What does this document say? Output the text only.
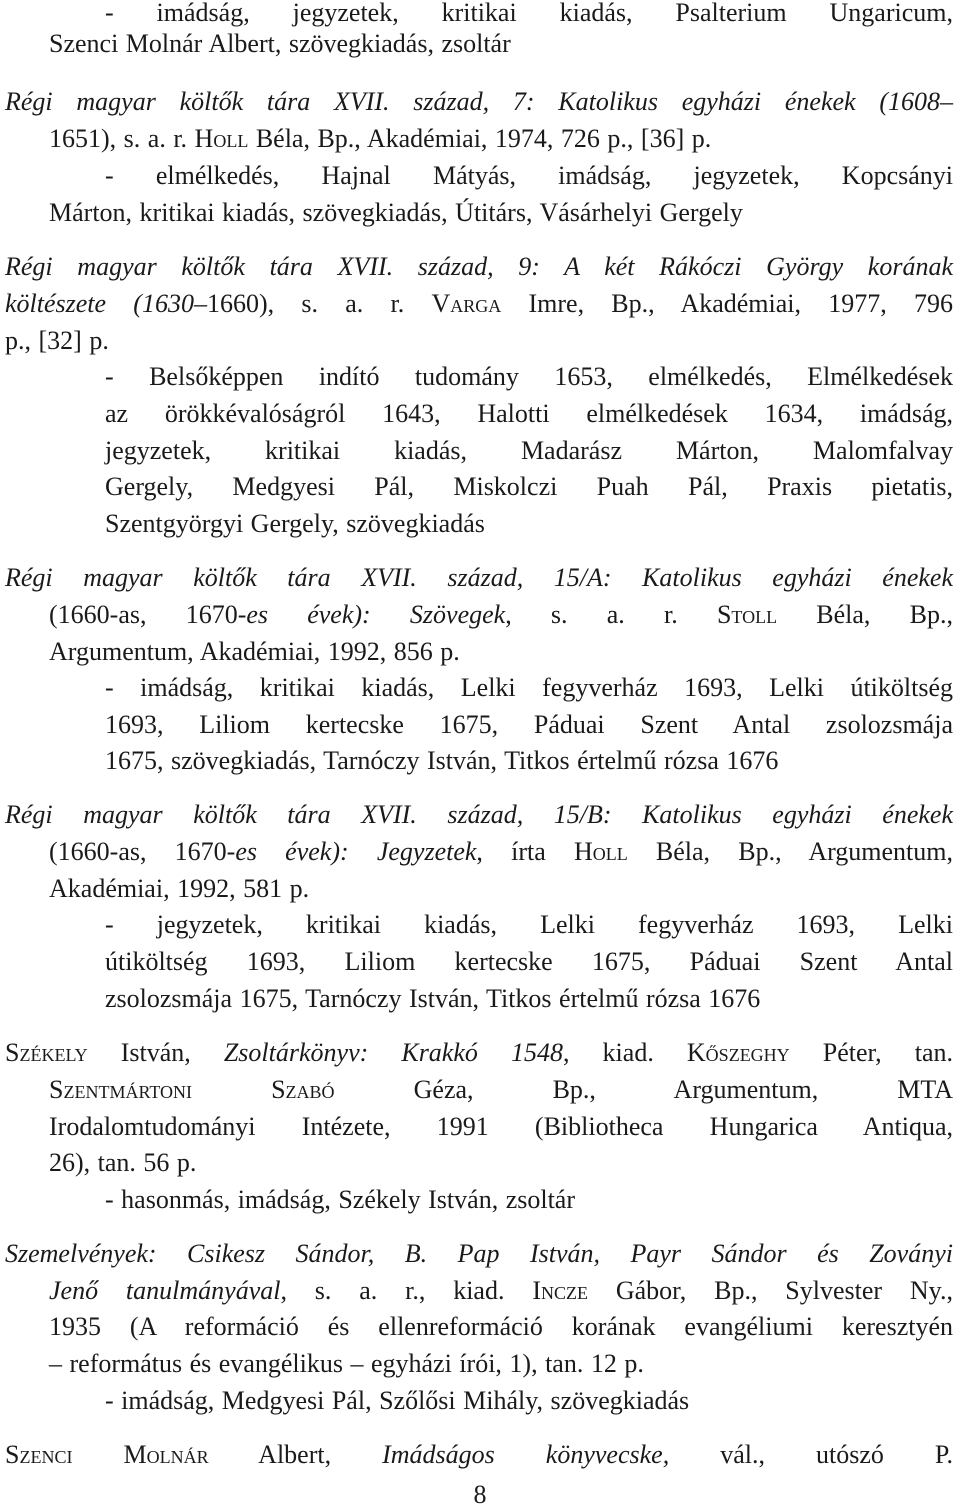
- imádság, jegyzetek, kritikai kiadás, Psalterium Ungaricum,
Szenci Molnár Albert, szövegkiadás, zsoltár
Régi magyar költők tára XVII. század, 7: Katolikus egyházi énekek (1608–
1651), s. a. r. Holl Béla, Bp., Akadémiai, 1974, 726 p., [36] p.
- elmélkedés, Hajnal Mátyás, imádság, jegyzetek, Kopcsányi
Márton, kritikai kiadás, szövegkiadás, Útitárs, Vásárhelyi Gergely
Régi magyar költők tára XVII. század, 9: A két Rákóczi György korának
költészete (1630–1660), s. a. r. Varga Imre, Bp., Akadémiai, 1977, 796
p., [32] p.
- Belsőképpen indító tudomány 1653, elmélkedés, Elmélkedések
az örökkévalóságról 1643, Halotti elmélkedések 1634, imádság,
jegyzetek, kritikai kiadás, Madarász Márton, Malomfalvay
Gergely, Medgyesi Pál, Miskolczi Puah Pál, Praxis pietatis,
Szentgyörgyi Gergely, szövegkiadás
Régi magyar költők tára XVII. század, 15/A: Katolikus egyházi énekek
(1660-as, 1670-es évek): Szövegek, s. a. r. Stoll Béla, Bp.,
Argumentum, Akadémiai, 1992, 856 p.
- imádság, kritikai kiadás, Lelki fegyverház 1693, Lelki útiköltség
1693, Liliom kertecske 1675, Páduai Szent Antal zsolozsmája
1675, szövegkiadás, Tarnóczy István, Titkos értelmű rózsa 1676
Régi magyar költők tára XVII. század, 15/B: Katolikus egyházi énekek
(1660-as, 1670-es évek): Jegyzetek, írta Holl Béla, Bp., Argumentum,
Akadémiai, 1992, 581 p.
- jegyzetek, kritikai kiadás, Lelki fegyverház 1693, Lelki
útiköltség 1693, Liliom kertecske 1675, Páduai Szent Antal
zsolozsmája 1675, Tarnóczy István, Titkos értelmű rózsa 1676
Székely István, Zsoltárkönyv: Krakkó 1548, kiad. Kőszeghy Péter, tan.
Szentmártoni Szabó Géza, Bp., Argumentum, MTA
Irodalomtudományi Intézete, 1991 (Bibliotheca Hungarica Antiqua,
26), tan. 56 p.
- hasonmás, imádság, Székely István, zsoltár
Szemelvények: Csikesz Sándor, B. Pap István, Payr Sándor és Zoványi
Jenő tanulmányával, s. a. r., kiad. Incze Gábor, Bp., Sylvester Ny.,
1935 (A reformáció és ellenreformáció korának evangéliumi keresztyén
– református és evangélikus – egyházi írói, 1), tan. 12 p.
- imádság, Medgyesi Pál, Szőlősi Mihály, szövegkiadás
Szenci Molnár Albert, Imádságos könyvecske, vál., utószó P.
8
